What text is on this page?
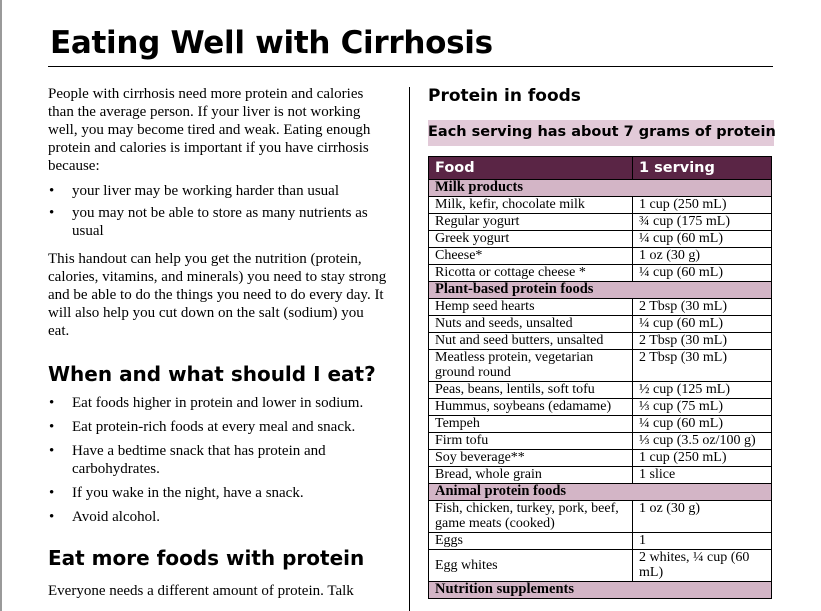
Eating Well with Cirrhosis

People with cirrhosis need more protein and calories than the average person. If your liver is not working well, you may become tired and weak. Eating enough protein and calories is important if you have cirrhosis because:

• your liver may be working harder than usual
• you may not be able to store as many nutrients as usual

This handout can help you get the nutrition (protein, calories, vitamins, and minerals) you need to stay strong and be able to do the things you need to do every day. It will also help you cut down on the salt (sodium) you eat.

When and what should I eat?
• Eat foods higher in protein and lower in sodium.
• Eat protein-rich foods at every meal and snack.
• Have a bedtime snack that has protein and carbohydrates.
• If you wake in the night, have a snack.
• Avoid alcohol.
Eat more foods with protein

Everyone needs a different amount of protein. Talk

Protein in foods
Each serving has about 7 grams of protein
Food	1 serving
Milk products	
Milk, kefir, chocolate milk	1 cup (250 mL)
Regular yogurt	¾ cup (175 mL)
Greek yogurt	¼ cup (60 mL)
Cheese*	1 oz (30 g)
Ricotta or cottage cheese *	¼ cup (60 mL)
Plant-based protein foods	
Hemp seed hearts	2 Tbsp (30 mL)
Nuts and seeds, unsalted	¼ cup (60 mL)
Nut and seed butters, unsalted	2 Tbsp (30 mL)
Meatless protein, vegetarian ground round	2 Tbsp (30 mL)
Peas, beans, lentils, soft tofu	½ cup (125 mL)
Hummus, soybeans (edamame)	⅓ cup (75 mL)
Tempeh	¼ cup (60 mL)
Firm tofu	⅓ cup (3.5 oz/100 g)
Soy beverage**	1 cup (250 mL)
Bread, whole grain	1 slice
Animal protein foods	
Fish, chicken, turkey, pork, beef, game meats (cooked)	1 oz (30 g)
Eggs	1
Egg whites	2 whites, ¼ cup (60 mL)
Nutrition supplements	
